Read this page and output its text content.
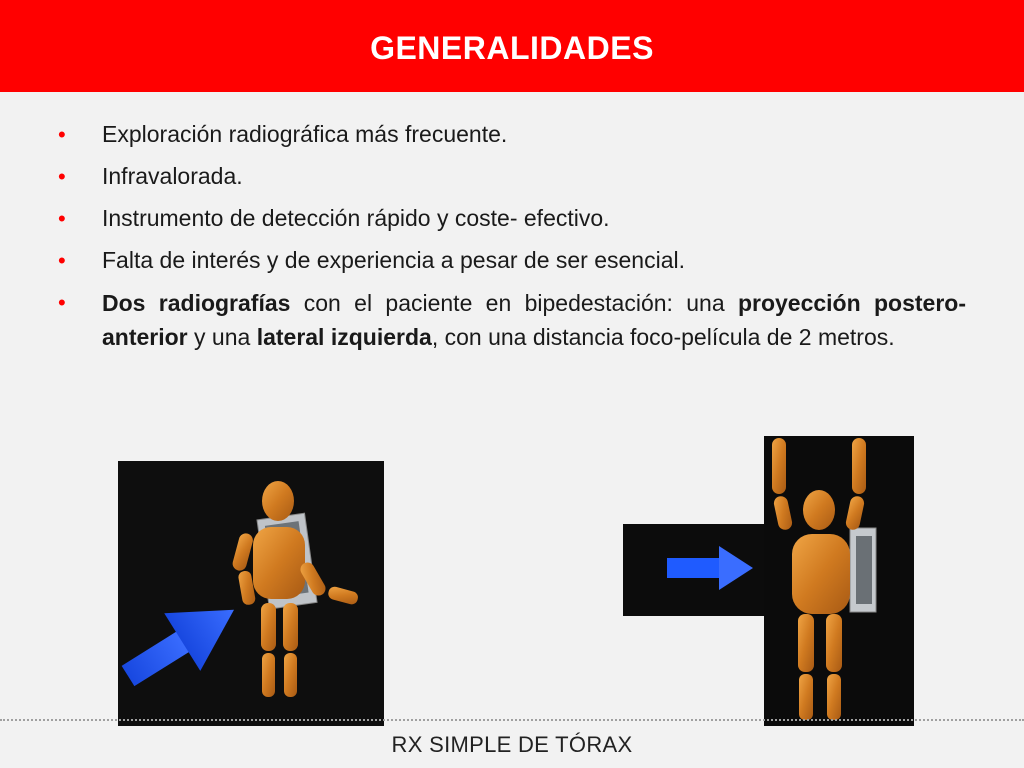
GENERALIDADES
• Exploración radiográfica más frecuente.
• Infravalorada.
• Instrumento de detección rápido y coste- efectivo.
• Falta de interés y de experiencia a pesar de ser esencial.
• Dos radiografías con el paciente en bipedestación: una proyección postero-anterior y una lateral izquierda, con una distancia foco-película de 2 metros.
RX SIMPLE DE TÓRAX
